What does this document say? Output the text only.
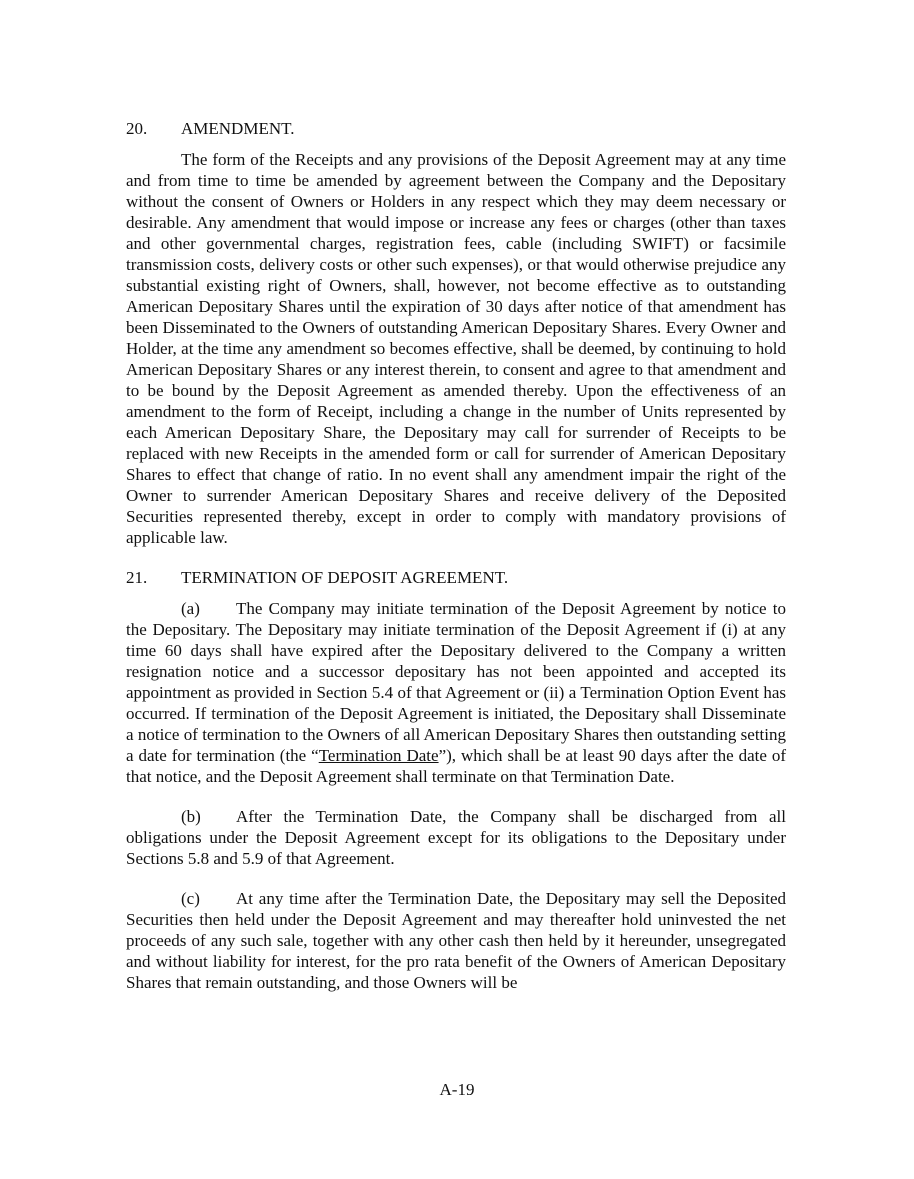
20.	AMENDMENT.

The form of the Receipts and any provisions of the Deposit Agreement may at any time and from time to time be amended by agreement between the Company and the Depositary without the consent of Owners or Holders in any respect which they may deem necessary or desirable. Any amendment that would impose or increase any fees or charges (other than taxes and other governmental charges, registration fees, cable (including SWIFT) or facsimile transmission costs, delivery costs or other such expenses), or that would otherwise prejudice any substantial existing right of Owners, shall, however, not become effective as to outstanding American Depositary Shares until the expiration of 30 days after notice of that amendment has been Disseminated to the Owners of outstanding American Depositary Shares. Every Owner and Holder, at the time any amendment so becomes effective, shall be deemed, by continuing to hold American Depositary Shares or any interest therein, to consent and agree to that amendment and to be bound by the Deposit Agreement as amended thereby. Upon the effectiveness of an amendment to the form of Receipt, including a change in the number of Units represented by each American Depositary Share, the Depositary may call for surrender of Receipts to be replaced with new Receipts in the amended form or call for surrender of American Depositary Shares to effect that change of ratio. In no event shall any amendment impair the right of the Owner to surrender American Depositary Shares and receive delivery of the Deposited Securities represented thereby, except in order to comply with mandatory provisions of applicable law.

21.	TERMINATION OF DEPOSIT AGREEMENT.

(a) The Company may initiate termination of the Deposit Agreement by notice to the Depositary. The Depositary may initiate termination of the Deposit Agreement if (i) at any time 60 days shall have expired after the Depositary delivered to the Company a written resignation notice and a successor depositary has not been appointed and accepted its appointment as provided in Section 5.4 of that Agreement or (ii) a Termination Option Event has occurred. If termination of the Deposit Agreement is initiated, the Depositary shall Disseminate a notice of termination to the Owners of all American Depositary Shares then outstanding setting a date for termination (the “Termination Date”), which shall be at least 90 days after the date of that notice, and the Deposit Agreement shall terminate on that Termination Date.

(b) After the Termination Date, the Company shall be discharged from all obligations under the Deposit Agreement except for its obligations to the Depositary under Sections 5.8 and 5.9 of that Agreement.

(c) At any time after the Termination Date, the Depositary may sell the Deposited Securities then held under the Deposit Agreement and may thereafter hold uninvested the net proceeds of any such sale, together with any other cash then held by it hereunder, unsegregated and without liability for interest, for the pro rata benefit of the Owners of American Depositary Shares that remain outstanding, and those Owners will be

A-19
